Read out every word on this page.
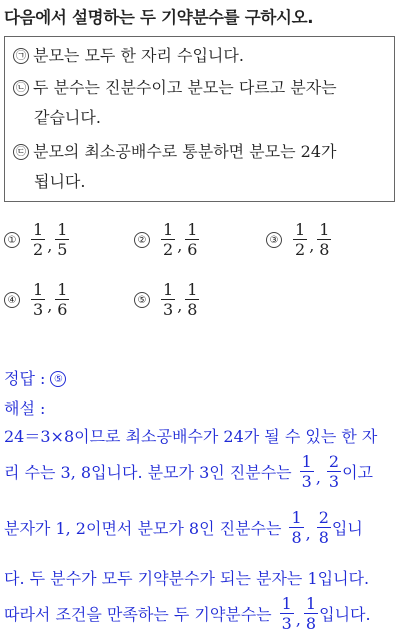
다음에서 설명하는 두 기약분수를 구하시오.
㉠ 분모는 모두 한 자리 수입니다.
㉡ 두 분수는 진분수이고 분모는 다르고 분자는
같습니다.
㉢ 분모의 최소공배수로 통분하면 분모는 24가
됩니다.
① $\frac{1}{2}$ , $\frac{1}{5}$	② $\frac{1}{2}$ , $\frac{1}{6}$	③ $\frac{1}{2}$ , $\frac{1}{8}$
④ $\frac{1}{3}$ , $\frac{1}{6}$	⑤ $\frac{1}{3}$ , $\frac{1}{8}$
정답 : ⑤
해설 :
24＝3×8이므로 최소공배수가 24가 될 수 있는 한 자
리 수는 3, 8입니다. 분모가 3인 진분수는 $\frac{1}{3}$ , $\frac{2}{3}$ 이고
분자가 1, 2이면서 분모가 8인 진분수는 $\frac{1}{8}$ , $\frac{2}{8}$ 입니
다. 두 분수가 모두 기약분수가 되는 분자는 1입니다.
따라서 조건을 만족하는 두 기약분수는 $\frac{1}{3}$ , $\frac{1}{8}$ 입니다.
